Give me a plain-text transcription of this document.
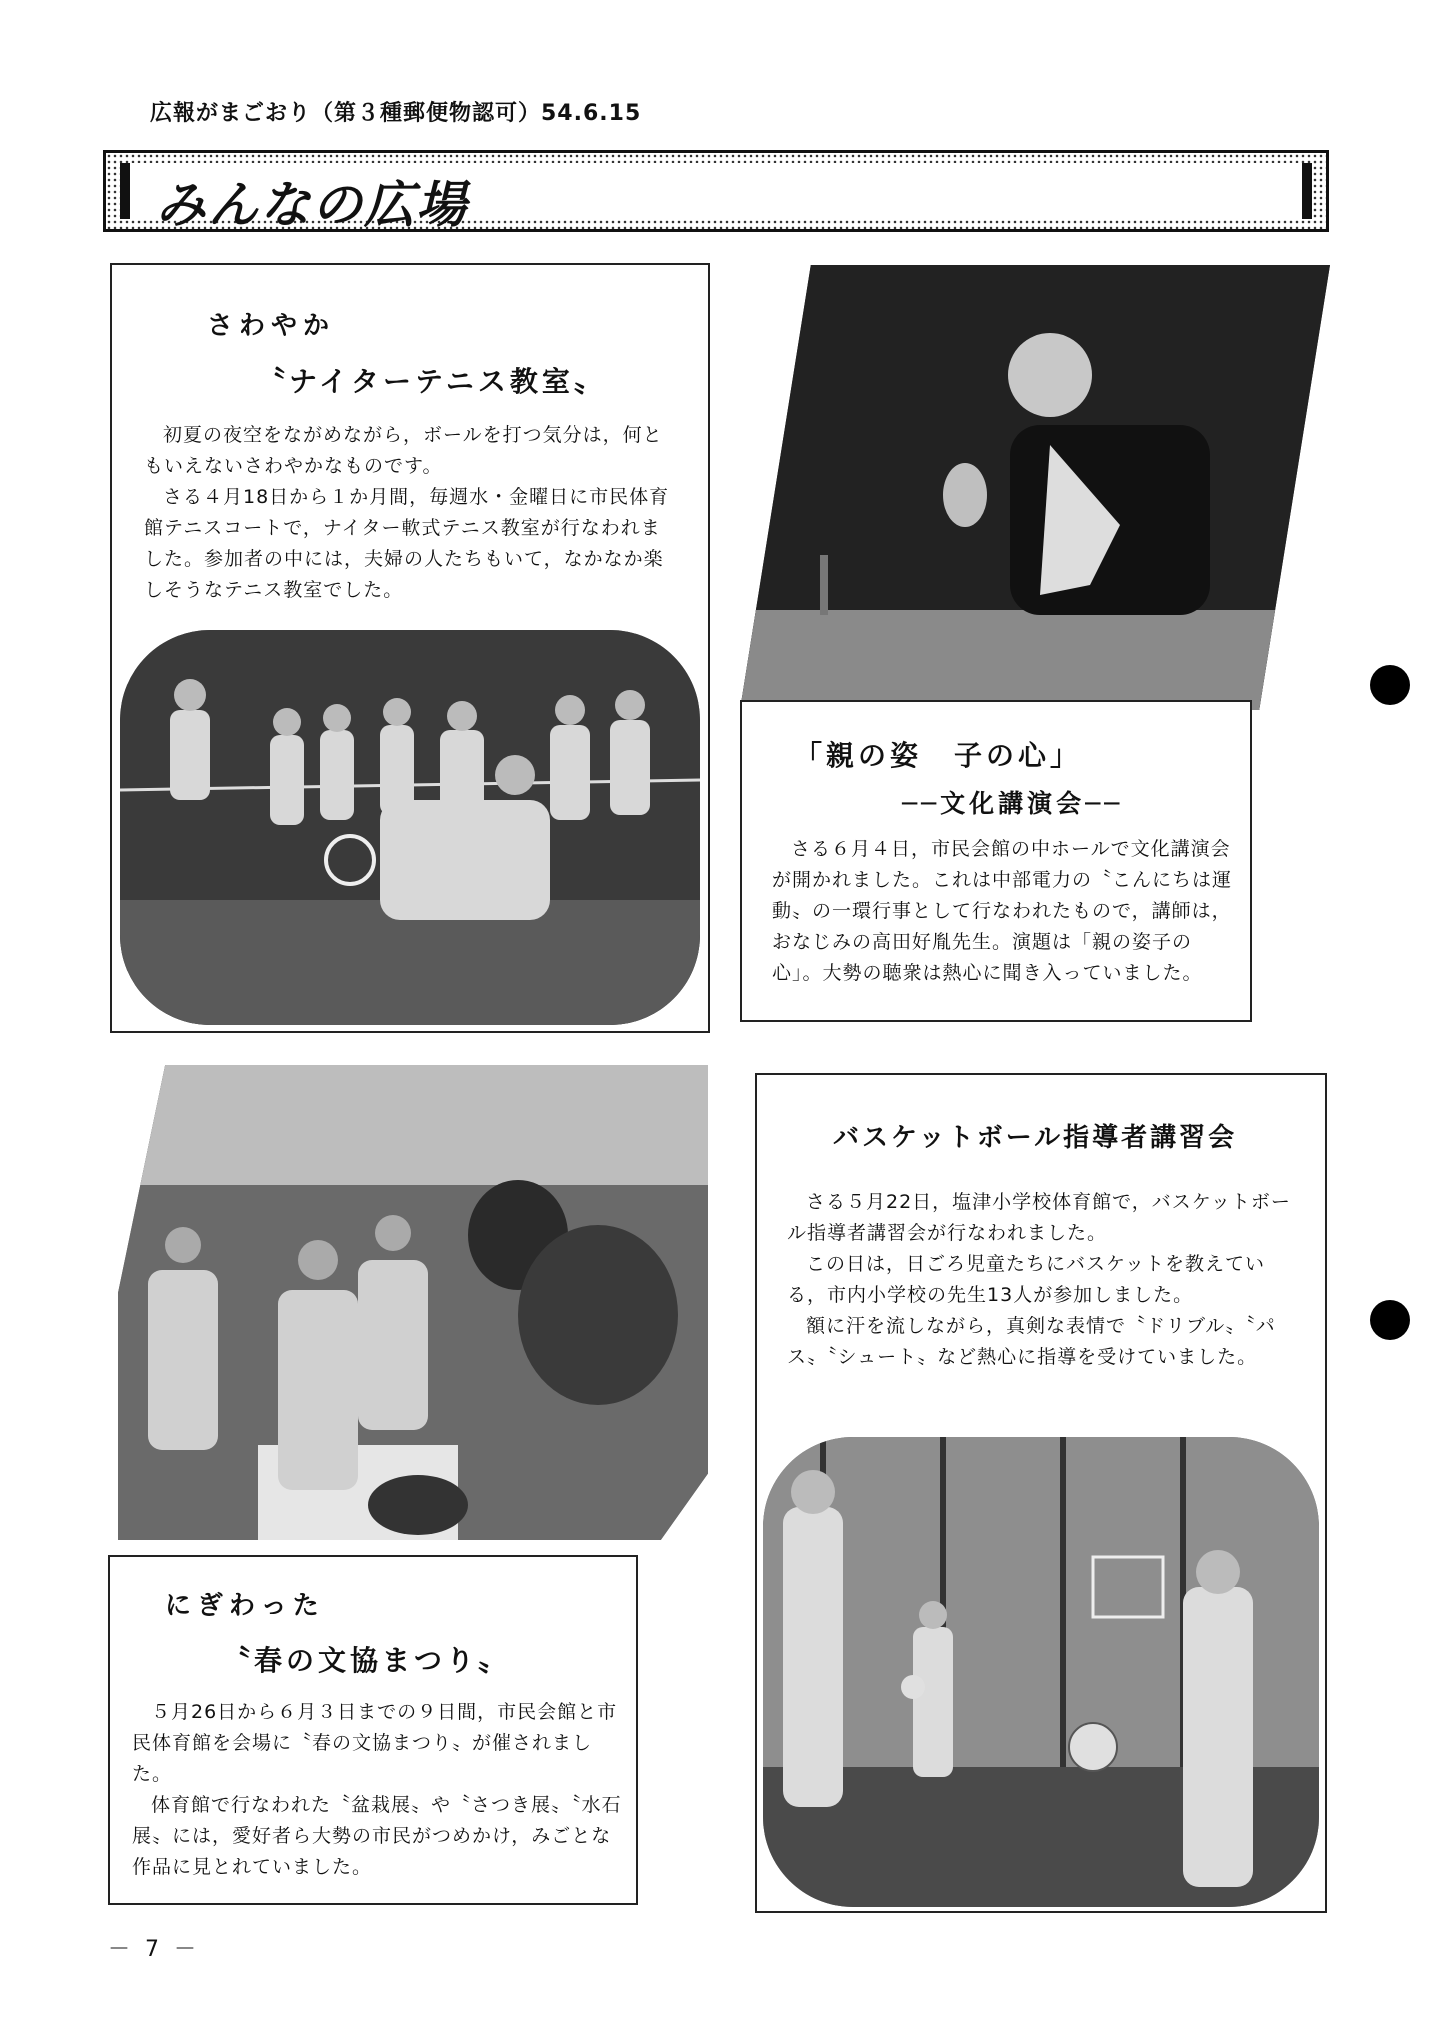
広報がまごおり（第３種郵便物認可）54.6.15
みんなの広場
さわやか
〝ナイターテニス教室〟

初夏の夜空をながめながら，ボールを打つ気分は，何ともいえないさわやかなものです。

さる４月18日から１か月間，毎週水・金曜日に市民体育館テニスコートで，ナイター軟式テニス教室が行なわれました。参加者の中には，夫婦の人たちもいて，なかなか楽しそうなテニス教室でした。

「親の姿　子の心」
──文化講演会──

さる６月４日，市民会館の中ホールで文化講演会が開かれました。これは中部電力の〝こんにちは運動〟の一環行事として行なわれたもので，講師は，おなじみの高田好胤先生。演題は「親の姿子の心」。大勢の聴衆は熱心に聞き入っていました。

にぎわった
〝春の文協まつり〟

５月26日から６月３日までの９日間，市民会館と市民体育館を会場に〝春の文協まつり〟が催されました。

体育館で行なわれた〝盆栽展〟や〝さつき展〟〝水石展〟には，愛好者ら大勢の市民がつめかけ，みごとな作品に見とれていました。

バスケットボール指導者講習会

さる５月22日，塩津小学校体育館で，バスケットボール指導者講習会が行なわれました。

この日は，日ごろ児童たちにバスケットを教えている，市内小学校の先生13人が参加しました。

額に汗を流しながら，真剣な表情で〝ドリブル〟〝パス〟〝シュート〟など熱心に指導を受けていました。

－ 7 －
